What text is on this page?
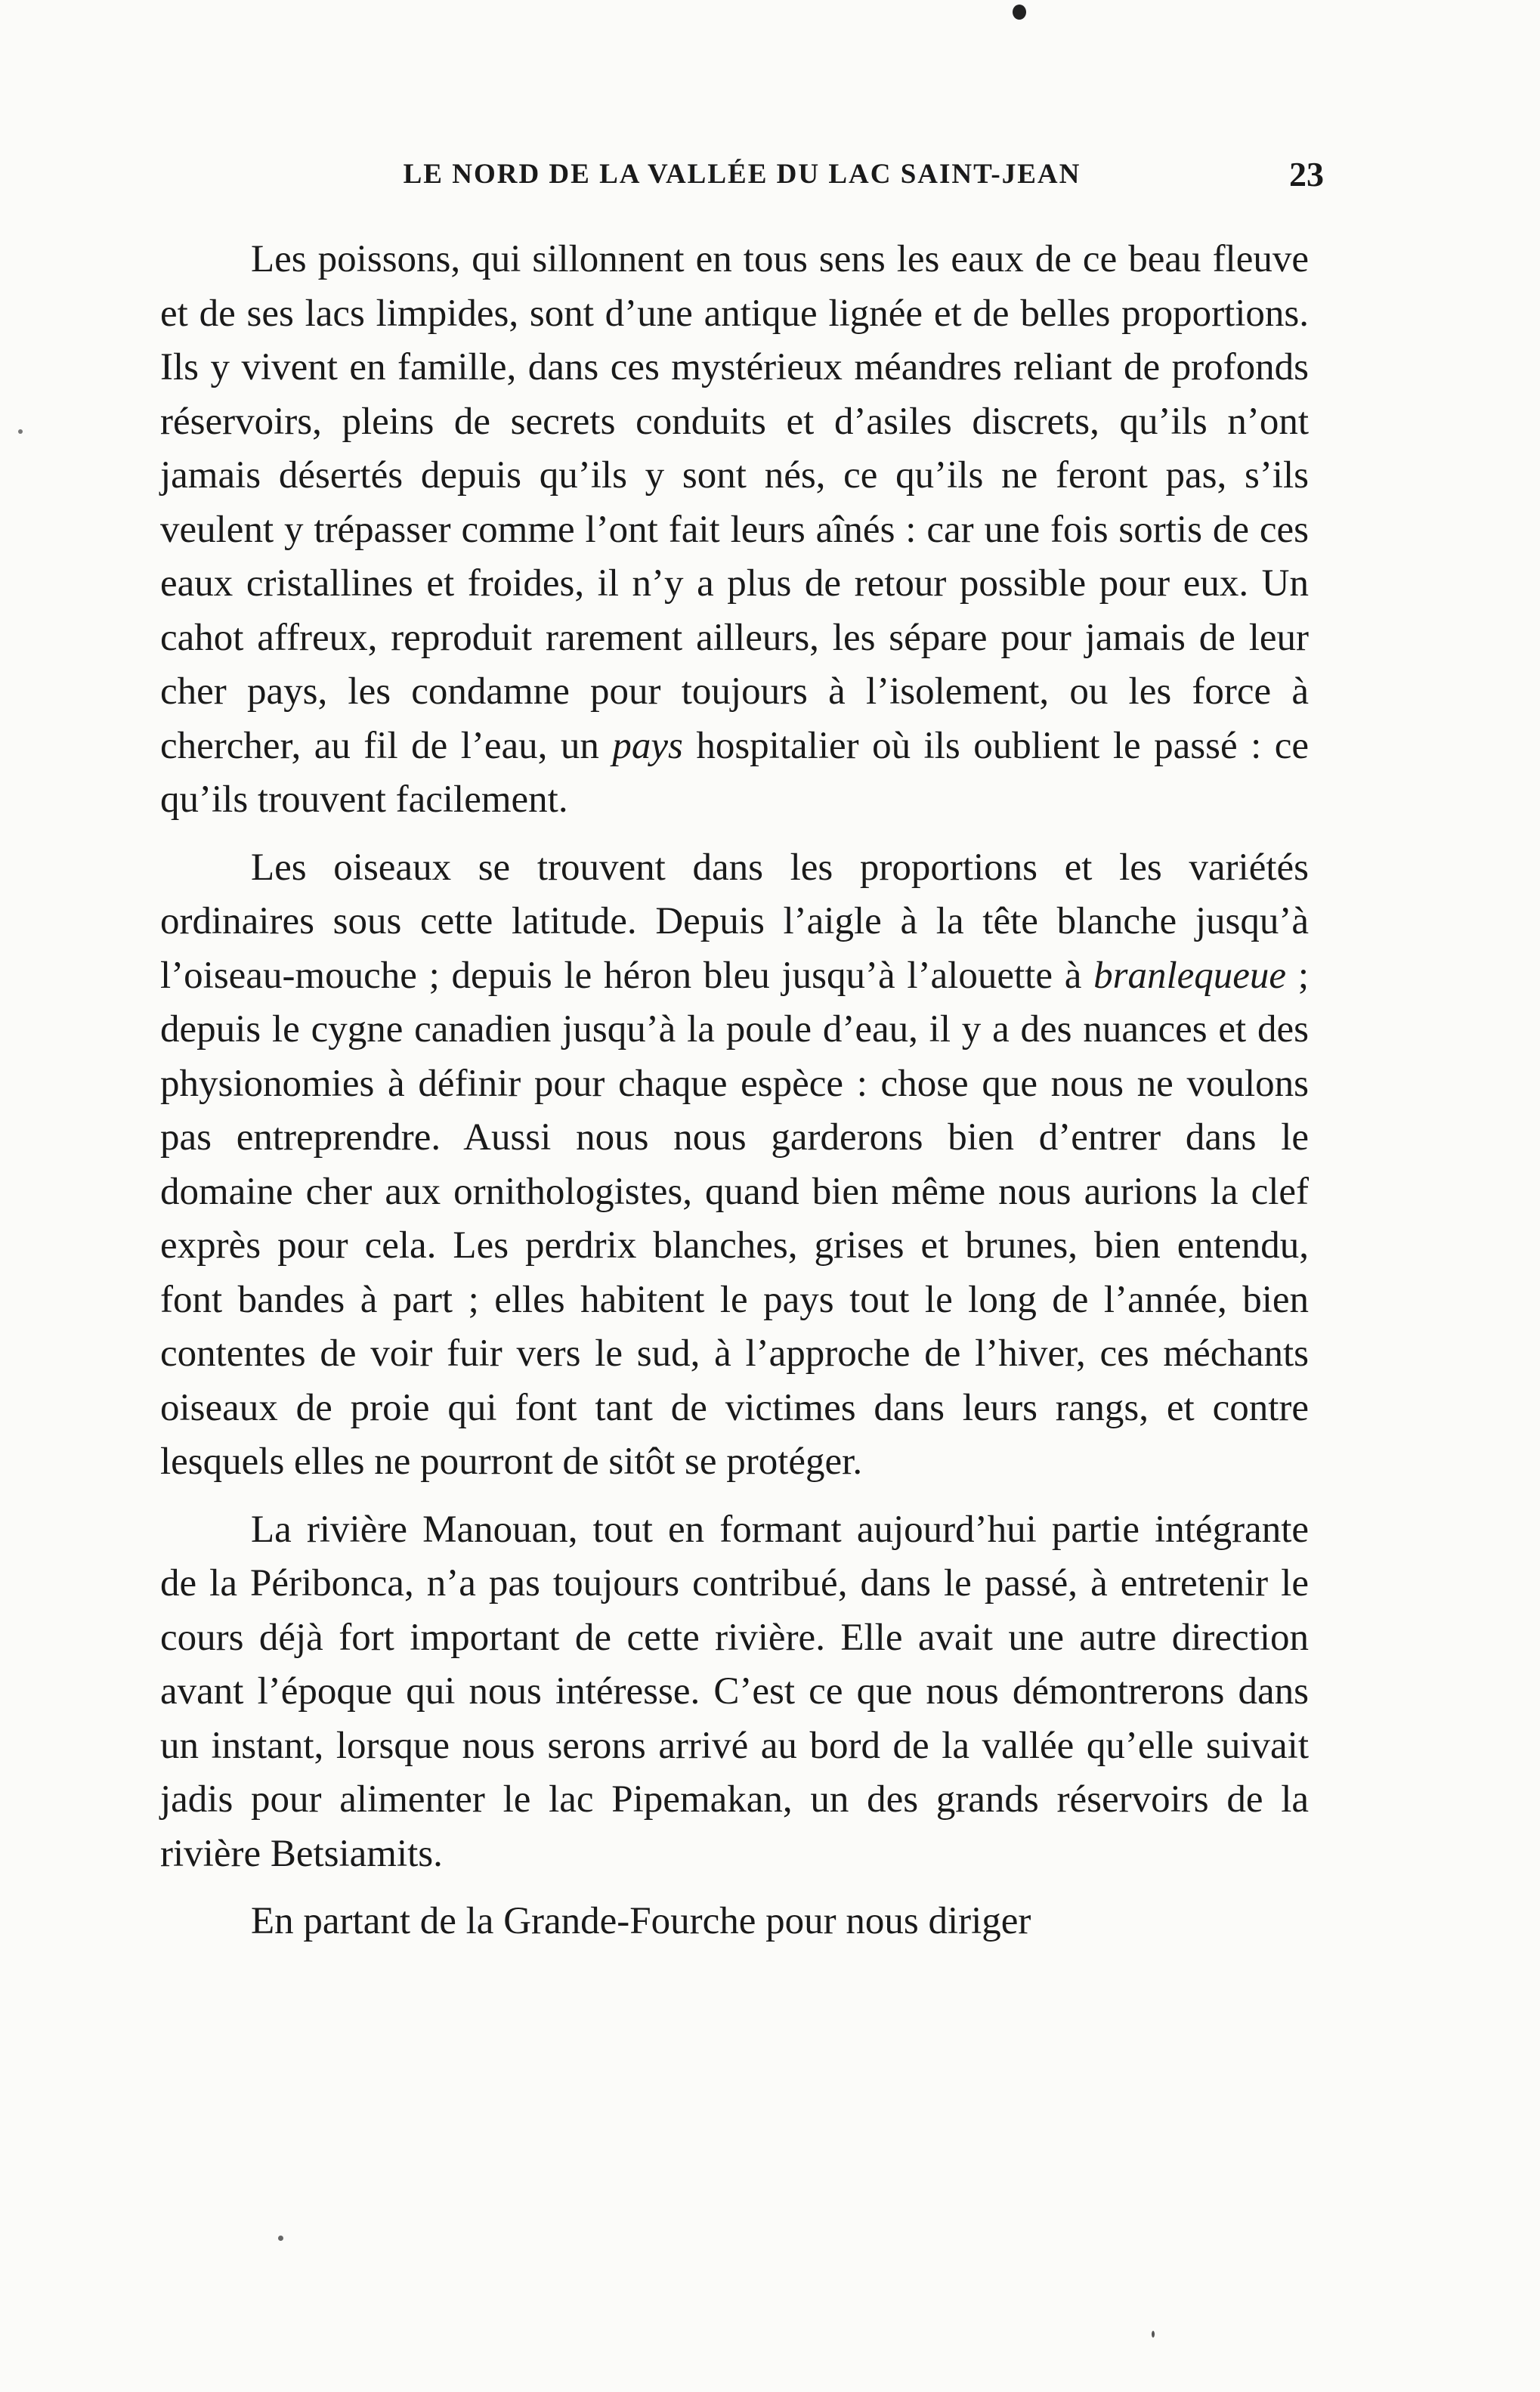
LE NORD DE LA VALLÉE DU LAC SAINT-JEAN	23

Les poissons, qui sillonnent en tous sens les eaux de ce beau fleuve et de ses lacs limpides, sont d’une antique lignée et de belles proportions. Ils y vivent en famille, dans ces mystérieux méandres reliant de profonds réservoirs, pleins de secrets conduits et d’asiles discrets, qu’ils n’ont jamais désertés depuis qu’ils y sont nés, ce qu’ils ne feront pas, s’ils veulent y trépasser comme l’ont fait leurs aînés : car une fois sortis de ces eaux cristallines et froides, il n’y a plus de retour possible pour eux. Un cahot affreux, reproduit rarement ailleurs, les sépare pour jamais de leur cher pays, les condamne pour toujours à l’isolement, ou les force à chercher, au fil de l’eau, un pays hospitalier où ils oublient le passé : ce qu’ils trouvent facilement.

Les oiseaux se trouvent dans les proportions et les variétés ordinaires sous cette latitude. Depuis l’aigle à la tête blanche jusqu’à l’oiseau-mouche ; depuis le héron bleu jusqu’à l’alouette à branlequeue ; depuis le cygne canadien jusqu’à la poule d’eau, il y a des nuances et des physionomies à définir pour chaque espèce : chose que nous ne voulons pas entreprendre. Aussi nous nous garderons bien d’entrer dans le domaine cher aux ornithologistes, quand bien même nous aurions la clef exprès pour cela. Les perdrix blanches, grises et brunes, bien entendu, font bandes à part ; elles habitent le pays tout le long de l’année, bien contentes de voir fuir vers le sud, à l’approche de l’hiver, ces méchants oiseaux de proie qui font tant de victimes dans leurs rangs, et contre lesquels elles ne pourront de sitôt se protéger.

La rivière Manouan, tout en formant aujourd’hui partie intégrante de la Péribonca, n’a pas toujours contribué, dans le passé, à entretenir le cours déjà fort important de cette rivière. Elle avait une autre direction avant l’époque qui nous intéresse. C’est ce que nous démontrerons dans un instant, lorsque nous serons arrivé au bord de la vallée qu’elle suivait jadis pour alimenter le lac Pipemakan, un des grands réservoirs de la rivière Betsiamits.

En partant de la Grande-Fourche pour nous diriger
